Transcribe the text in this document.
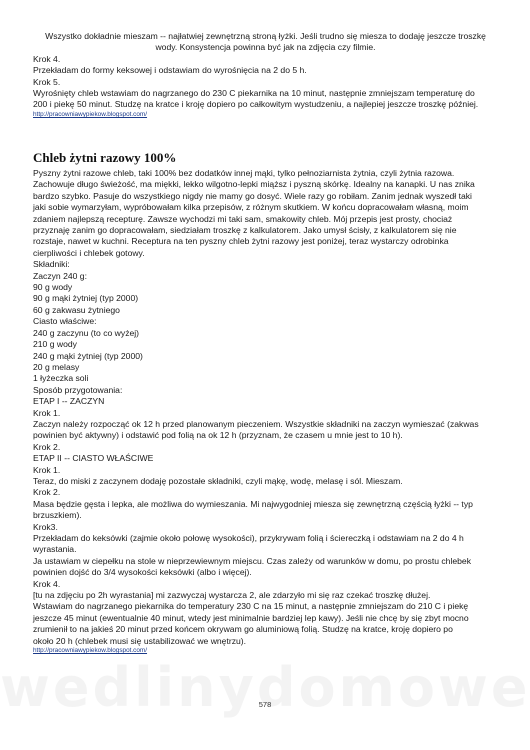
Wszystko dokładnie mieszam -- najłatwiej zewnętrzną stroną łyżki. Jeśli trudno się miesza to dodaję jeszcze troszkę

wody. Konsystencja powinna być jak na zdjęcia czy filmie.

Krok 4.

Przekładam do formy keksowej i odstawiam do wyrośnięcia na 2 do 5 h.

Krok 5.

Wyrośnięty chleb wstawiam do nagrzanego do 230 C piekarnika na 10 minut, następnie zmniejszam temperaturę do

200 i piekę 50 minut. Studzę na kratce i kroję dopiero po całkowitym wystudzeniu, a najlepiej jeszcze troszkę później.

http://pracowniawypiekow.blogspot.com/
Chleb żytni razowy 100%

Pyszny żytni razowe chleb, taki 100% bez dodatków innej mąki, tylko pełnoziarnista żytnia, czyli żytnia razowa.

Zachowuje długo świeżość, ma miękki, lekko wilgotno-lepki miąższ i pyszną skórkę. Idealny na kanapki. U nas znika

bardzo szybko. Pasuje do wszystkiego nigdy nie mamy go dosyć. Wiele razy go robiłam. Zanim jednak wyszedł taki

jaki sobie wymarzyłam, wypróbowałam kilka przepisów, z różnym skutkiem. W końcu dopracowałam własną, moim

zdaniem najlepszą recepturę. Zawsze wychodzi mi taki sam, smakowity chleb. Mój przepis jest prosty, chociaż

przyznaję zanim go dopracowałam, siedziałam troszkę z kalkulatorem. Jako umysł ścisły, z kalkulatorem się nie

rozstaje, nawet w kuchni. Receptura na ten pyszny chleb żytni razowy jest poniżej, teraz wystarczy odrobinka

cierpliwości i chlebek gotowy.

Składniki:

Zaczyn 240 g:

90 g wody

90 g mąki żytniej (typ 2000)

60 g zakwasu żytniego

Ciasto właściwe:

240 g zaczynu (to co wyżej)

210 g wody

240 g mąki żytniej (typ 2000)

20 g melasy

1 łyżeczka soli

Sposób przygotowania:

ETAP I -- ZACZYN

Krok 1.

Zaczyn należy rozpocząć ok 12 h przed planowanym pieczeniem. Wszystkie składniki na zaczyn wymieszać (zakwas

powinien być aktywny) i odstawić pod folią na ok 12 h (przyznam, że czasem u mnie jest to 10 h).

Krok 2.

ETAP II -- CIASTO WŁAŚCIWE

Krok 1.

Teraz, do miski z zaczynem dodaję pozostałe składniki, czyli mąkę, wodę, melasę i sól. Mieszam.

Krok 2.

Masa będzie gęsta i lepka, ale możliwa do wymieszania. Mi najwygodniej miesza się zewnętrzną częścią łyżki -- typ

brzuszkiem).

Krok3.

Przekładam do keksówki (zajmie około połowę wysokości), przykrywam folią i ściereczką i odstawiam na 2 do 4 h

wyrastania.

Ja ustawiam w ciepełku na stole w nieprzewiewnym miejscu. Czas zależy od warunków w domu, po prostu chlebek

powinien dojść do 3/4 wysokości keksówki (albo i więcej).

Krok 4.

[tu na zdjęciu po 2h wyrastania] mi zazwyczaj wystarcza 2, ale zdarzyło mi się raz czekać troszkę dłużej.

Wstawiam do nagrzanego piekarnika do temperatury 230 C na 15 minut, a następnie zmniejszam do 210 C i piekę

jeszcze 45 minut (ewentualnie 40 minut, wtedy jest minimalnie bardziej lep kawy). Jeśli nie chcę by się zbyt mocno

zrumienił to na jakieś 20 minut przed końcem okrywam go aluminiową folią. Studzę na kratce, kroję dopiero po

około 20 h (chlebek musi się ustabilizować we wnętrzu).

http://pracowniawypiekow.blogspot.com/
578
